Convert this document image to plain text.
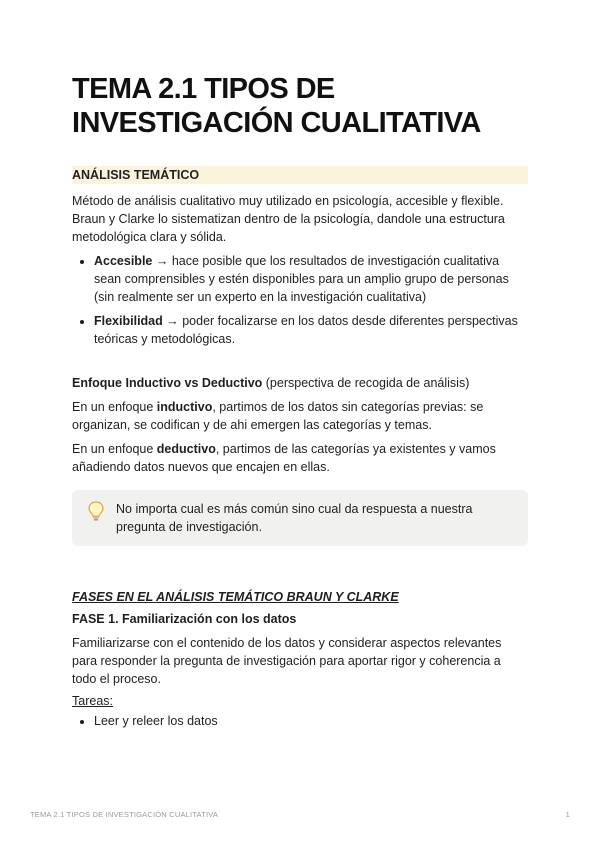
TEMA 2.1 TIPOS DE INVESTIGACIÓN CUALITATIVA
ANÁLISIS TEMÁTICO

Método de análisis cualitativo muy utilizado en psicología, accesible y flexible. Braun y Clarke lo sistematizan dentro de la psicología, dandole una estructura metodológica clara y sólida.

• Accesible → hace posible que los resultados de investigación cualitativa sean comprensibles y estén disponibles para un amplio grupo de personas (sin realmente ser un experto en la investigación cualitativa)
• Flexibilidad → poder focalizarse en los datos desde diferentes perspectivas teóricas y metodológicas.

Enfoque Inductivo vs Deductivo (perspectiva de recogida de análisis)

En un enfoque inductivo, partimos de los datos sin categorías previas: se organizan, se codifican y de ahi emergen las categorías y temas.

En un enfoque deductivo, partimos de las categorías ya existentes y vamos añadiendo datos nuevos que encajen en ellas.

No importa cual es más común sino cual da respuesta a nuestra pregunta de investigación.

FASES EN EL ANÁLISIS TEMÁTICO BRAUN Y CLARKE
FASE 1. Familiarización con los datos

Familiarizarse con el contenido de los datos y considerar aspectos relevantes para responder la pregunta de investigación para aportar rigor y coherencia a todo el proceso.

Tareas:
• Leer y releer los datos
TEMA 2.1 TIPOS DE INVESTIGACIÓN CUALITATIVA	1
